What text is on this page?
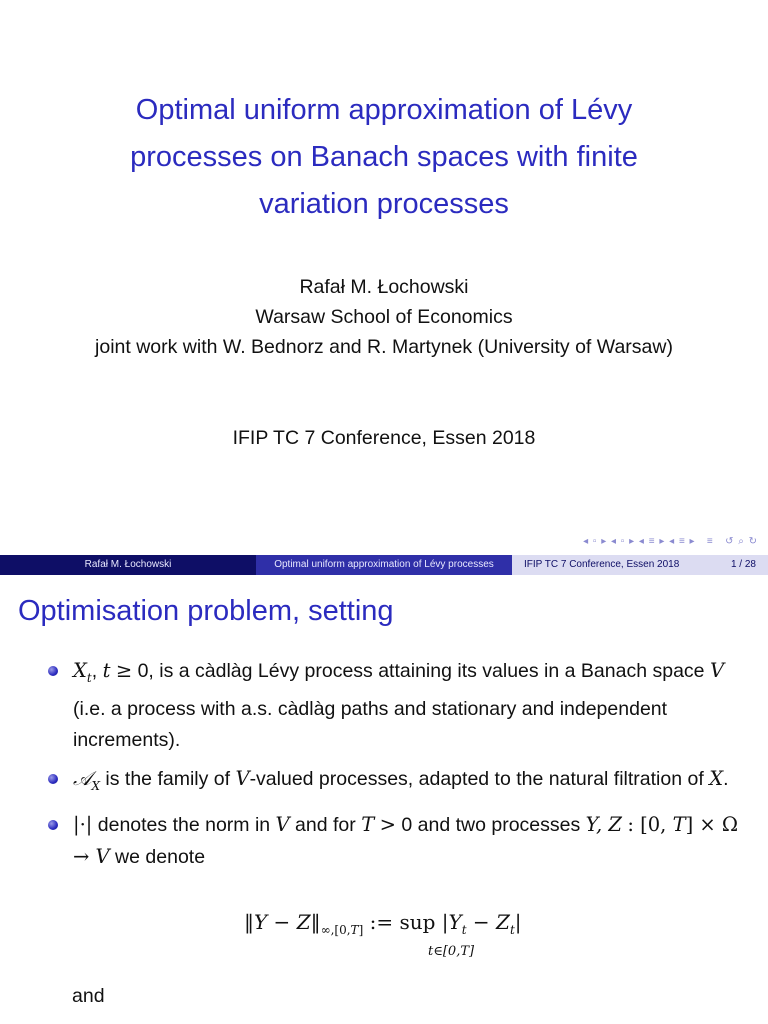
Optimal uniform approximation of Lévy
processes on Banach spaces with finite
variation processes
Rafał M. Łochowski
Warsaw School of Economics
joint work with W. Bednorz and R. Martynek (University of Warsaw)
IFIP TC 7 Conference, Essen 2018
◂ ▫ ▸ ◂ ▫ ▸ ◂ ≡ ▸ ◂ ≡ ▸   ≡   ↺ ⌕ ↻
Rafał M. Łochowski	Optimal uniform approximation of Lévy processes	IFIP TC 7 Conference, Essen 2018	1 / 28
Optimisation problem, setting
$X_t$, t ≥ 0, is a càdlàg Lévy process attaining its values in a Banach space V (i.e. a process with a.s. càdlàg paths and stationary and independent increments).
𝒜$_X$ is the family of V-valued processes, adapted to the natural filtration of X.
|·| denotes the norm in V and for T > 0 and two processes Y, Z : [0, T] × Ω → V we denote
‖Y − $Z‖_{\infty,[0,T]}$ := sup $|Y_t - Z_t|$
t∈[0,T]
and
